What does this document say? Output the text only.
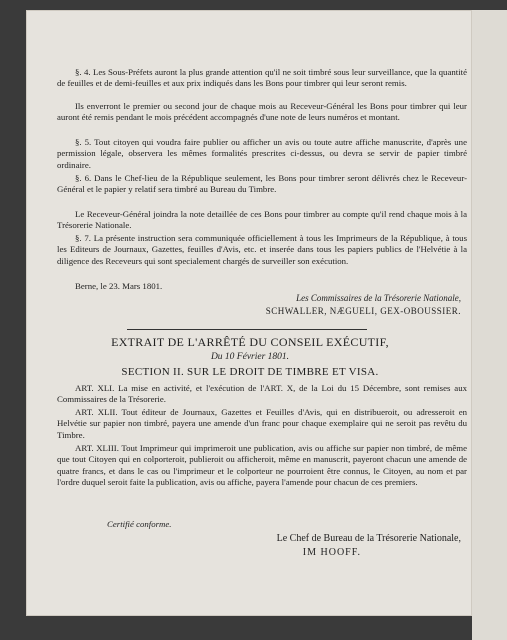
§. 4. Les Sous-Préfets auront la plus grande attention qu'il ne soit timbré sous leur surveillance, que la quantité de feuilles et de demi-feuilles et aux prix indiqués dans les Bons pour timbrer qui leur seront remis.
Ils enverront le premier ou second jour de chaque mois au Receveur-Général les Bons pour timbrer qui leur auront été remis pendant le mois précédent accompagnés d'une note de leurs numéros et montant.
§. 5. Tout citoyen qui voudra faire publier ou afficher un avis ou toute autre affiche manuscrite, d'après une permission légale, observera les mêmes formalités prescrites ci-dessus, ou devra se servir de papier timbré ordinaire.
§. 6. Dans le Chef-lieu de la République seulement, les Bons pour timbrer seront délivrés chez le Receveur-Général et le papier y relatif sera timbré au Bureau du Timbre.
Le Receveur-Général joindra la note detaillée de ces Bons pour timbrer au compte qu'il rend chaque mois à la Trésorerie Nationale.
§. 7. La présente instruction sera communiquée officiellement à tous les Imprimeurs de la République, à tous les Editeurs de Journaux, Gazettes, feuilles d'Avis, etc. et inserée dans tous les papiers publics de l'Helvétie à la diligence des Receveurs qui sont specialement chargés de surveiller son exécution.
Berne, le 23. Mars 1801.
Les Commissaires de la Trésorerie Nationale,
SCHWALLER, NÆGUELI, GEX-OBOUSSIER.
EXTRAIT DE L'ARRÊTÉ DU CONSEIL EXÉCUTIF,
Du 10 Février 1801.
SECTION II. SUR LE DROIT DE TIMBRE ET VISA.
ART. XLI. La mise en activité, et l'exécution de l'ART. X, de la Loi du 15 Décembre, sont remises aux Commissaires de la Trésorerie.
ART. XLII. Tout éditeur de Journaux, Gazettes et Feuilles d'Avis, qui en distribueroit, ou adresseroit en Helvétie sur papier non timbré, payera une amende d'un franc pour chaque exemplaire qui ne seroit pas revêtu du Timbre.
ART. XLIII. Tout Imprimeur qui imprimeroit une publication, avis ou affiche sur papier non timbré, de même que tout Citoyen qui en colporteroit, publieroit ou afficheroit, même en manuscrit, payeront chacun une amende de quatre francs, et dans le cas ou l'imprimeur et le colporteur ne pourroient être connus, le Citoyen, au nom et par l'ordre duquel seroit faite la publication, avis ou affiche, payera l'amende pour chacun de ces premiers.
Certifié conforme.
Le Chef de Bureau de la Trésorerie Nationale,
IM HOOFF.
